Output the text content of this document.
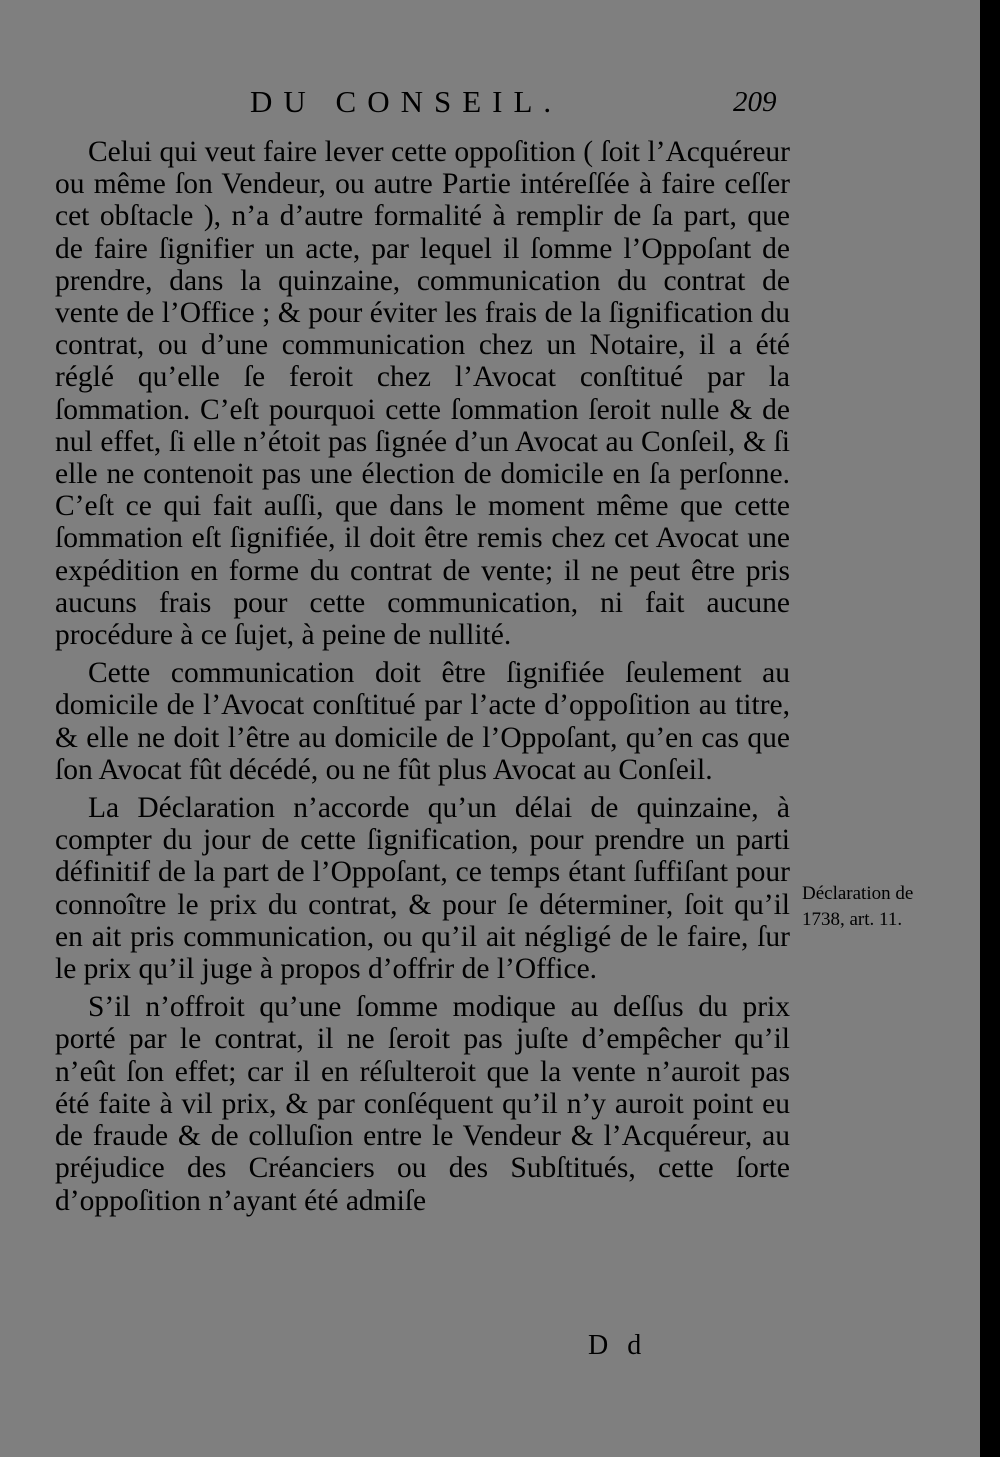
DU CONSEIL.	209

Celui qui veut faire lever cette oppoſition ( ſoit l’Acquéreur ou même ſon Vendeur, ou autre Partie intéreſſée à faire ceſſer cet obſtacle ), n’a d’autre formalité à remplir de ſa part, que de faire ſignifier un acte, par lequel il ſomme l’Oppoſant de prendre, dans la quinzaine, communication du contrat de vente de l’Office ; & pour éviter les frais de la ſignification du contrat, ou d’une communication chez un Notaire, il a été réglé qu’elle ſe feroit chez l’Avocat conſtitué par la ſommation. C’eſt pourquoi cette ſommation ſeroit nulle & de nul effet, ſi elle n’étoit pas ſignée d’un Avocat au Conſeil, & ſi elle ne contenoit pas une élection de domicile en ſa perſonne. C’eſt ce qui fait auſſi, que dans le moment même que cette ſommation eſt ſignifiée, il doit être remis chez cet Avocat une expédition en forme du contrat de vente; il ne peut être pris aucuns frais pour cette communication, ni fait aucune procédure à ce ſujet, à peine de nullité.

Cette communication doit être ſignifiée ſeulement au domicile de l’Avocat conſtitué par l’acte d’oppoſition au titre, & elle ne doit l’être au domicile de l’Oppoſant, qu’en cas que ſon Avocat fût décédé, ou ne fût plus Avocat au Conſeil.

La Déclaration n’accorde qu’un délai de quinzaine, à compter du jour de cette ſignification, pour prendre un parti définitif de la part de l’Oppoſant, ce temps étant ſuffiſant pour connoître le prix du contrat, & pour ſe déterminer, ſoit qu’il en ait pris communication, ou qu’il ait négligé de le faire, ſur le prix qu’il juge à propos d’offrir de l’Office.

S’il n’offroit qu’une ſomme modique au deſſus du prix porté par le contrat, il ne ſeroit pas juſte d’empêcher qu’il n’eût ſon effet; car il en réſulteroit que la vente n’auroit pas été faite à vil prix, & par conſéquent qu’il n’y auroit point eu de fraude & de colluſion entre le Vendeur & l’Acquéreur, au préjudice des Créanciers ou des Subſtitués, cette ſorte d’oppoſition n’ayant été admiſe

Déclaration de
1738, art. 11.
D d
